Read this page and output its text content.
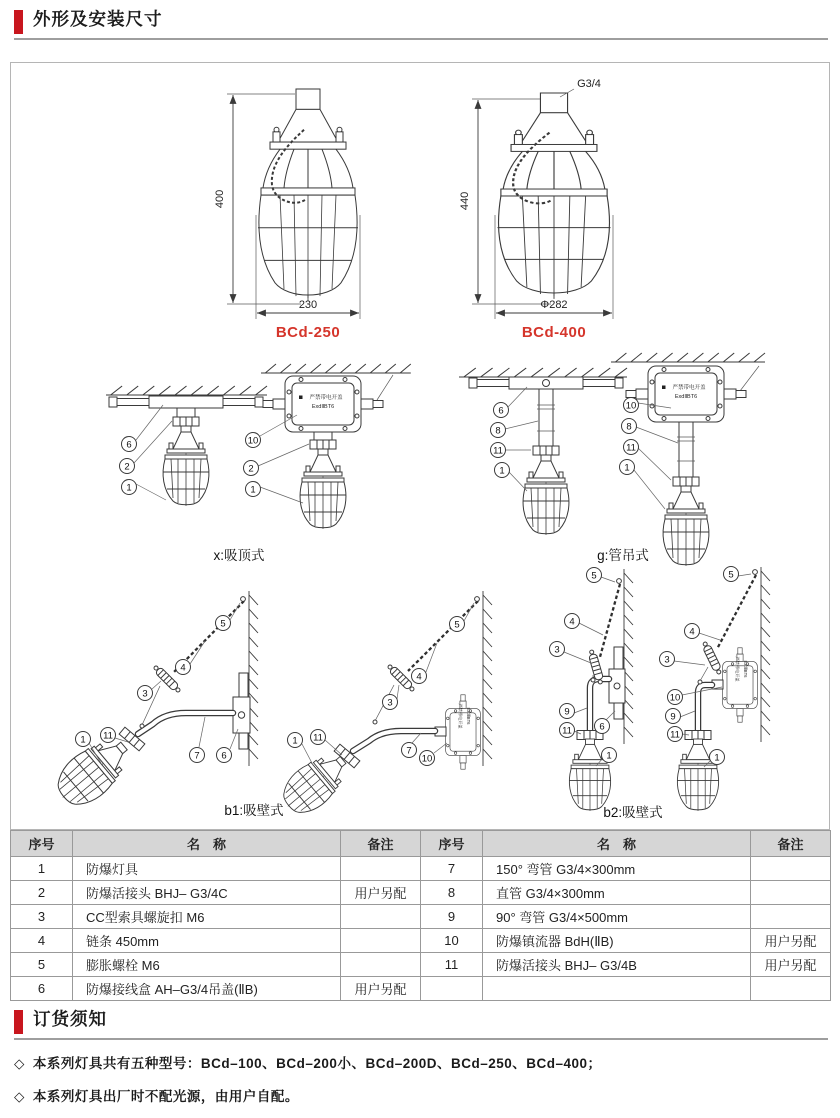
外形及安装尺寸
400
230
BCd-250
G3/4
440
Φ282
BCd-400
6
2
1
严禁带电开盖
ExdⅡBT6
10
2
1
x:吸顶式
6
8
11
1
严禁带电开盖
ExdⅡBT6
10
8
11
1
g:管吊式
5
4
3
1 11
7 6
严禁带电开盖 ExdⅡBT6
5
4
3
1 11
7
10
b1:吸壁式
5
4
3
9
11
1
6
严禁带电开盖 ExdⅡBT6
5
4
3
10
9
11
1
b2:吸壁式
序号	名　称	备注	序号	名　称	备注
1	防爆灯具		7	150° 弯管 G3/4×300mm	
2	防爆活接头 BHJ– G3/4C	用户另配	8	直管 G3/4×300mm	
3	CC型索具螺旋扣 M6		9	90° 弯管 G3/4×500mm	
4	链条 450mm		10	防爆镇流器 BdH(ⅡB)	用户另配
5	膨胀螺栓 M6		11	防爆活接头 BHJ– G3/4B	用户另配
6	防爆接线盒 AH–G3/4吊盖(ⅡB)	用户另配			
订货须知
◇ 本系列灯具共有五种型号：BCd–100、BCd–200小、BCd–200D、BCd–250、BCd–400；
◇ 本系列灯具出厂时不配光源，由用户自配。
